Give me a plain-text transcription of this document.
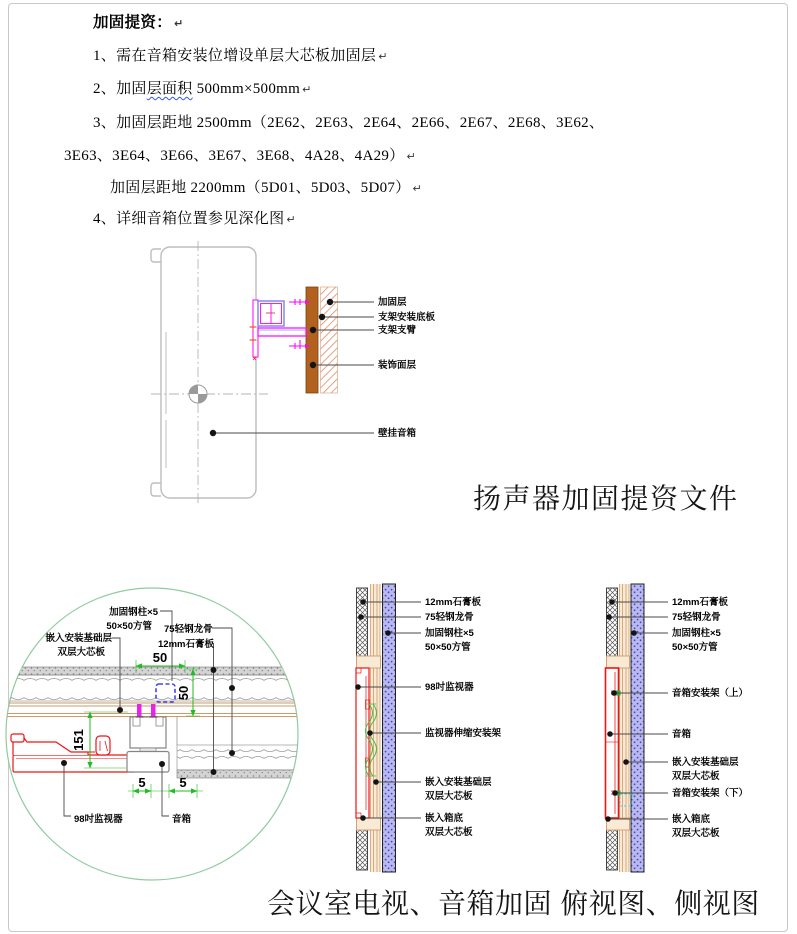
加固提资： ↵
1、需在音箱安装位增设单层大芯板加固层 ↵
2、加固层面积 500mm×500mm ↵
3、加固层距地 2500mm（2E62、2E63、2E64、2E66、2E67、2E68、3E62、
3E63、3E64、3E66、3E67、3E68、4A28、4A29） ↵
加固层距地 2200mm（5D01、5D03、5D07） ↵
4、详细音箱位置参见深化图 ↵
加固层
支架安装底板
支架支臂
装饰面层
壁挂音箱
扬声器加固提资文件
50
50
151
5	5
加固钢柱×5
50×50方管 75轻钢龙骨
12mm石膏板
嵌入安装基础层
双层大芯板
98吋监视器	音箱
12mm石膏板
75轻钢龙骨
加固钢柱×5
50×50方管
98吋监视器
监视器伸缩安装架
嵌入安装基础层
双层大芯板
嵌入箱底
双层大芯板
12mm石膏板
75轻钢龙骨
加固钢柱×5
50×50方管
音箱安装架（上）
音箱
嵌入安装基础层
双层大芯板
音箱安装架（下）
嵌入箱底
双层大芯板
会议室电视、音箱加固 俯视图、侧视图
